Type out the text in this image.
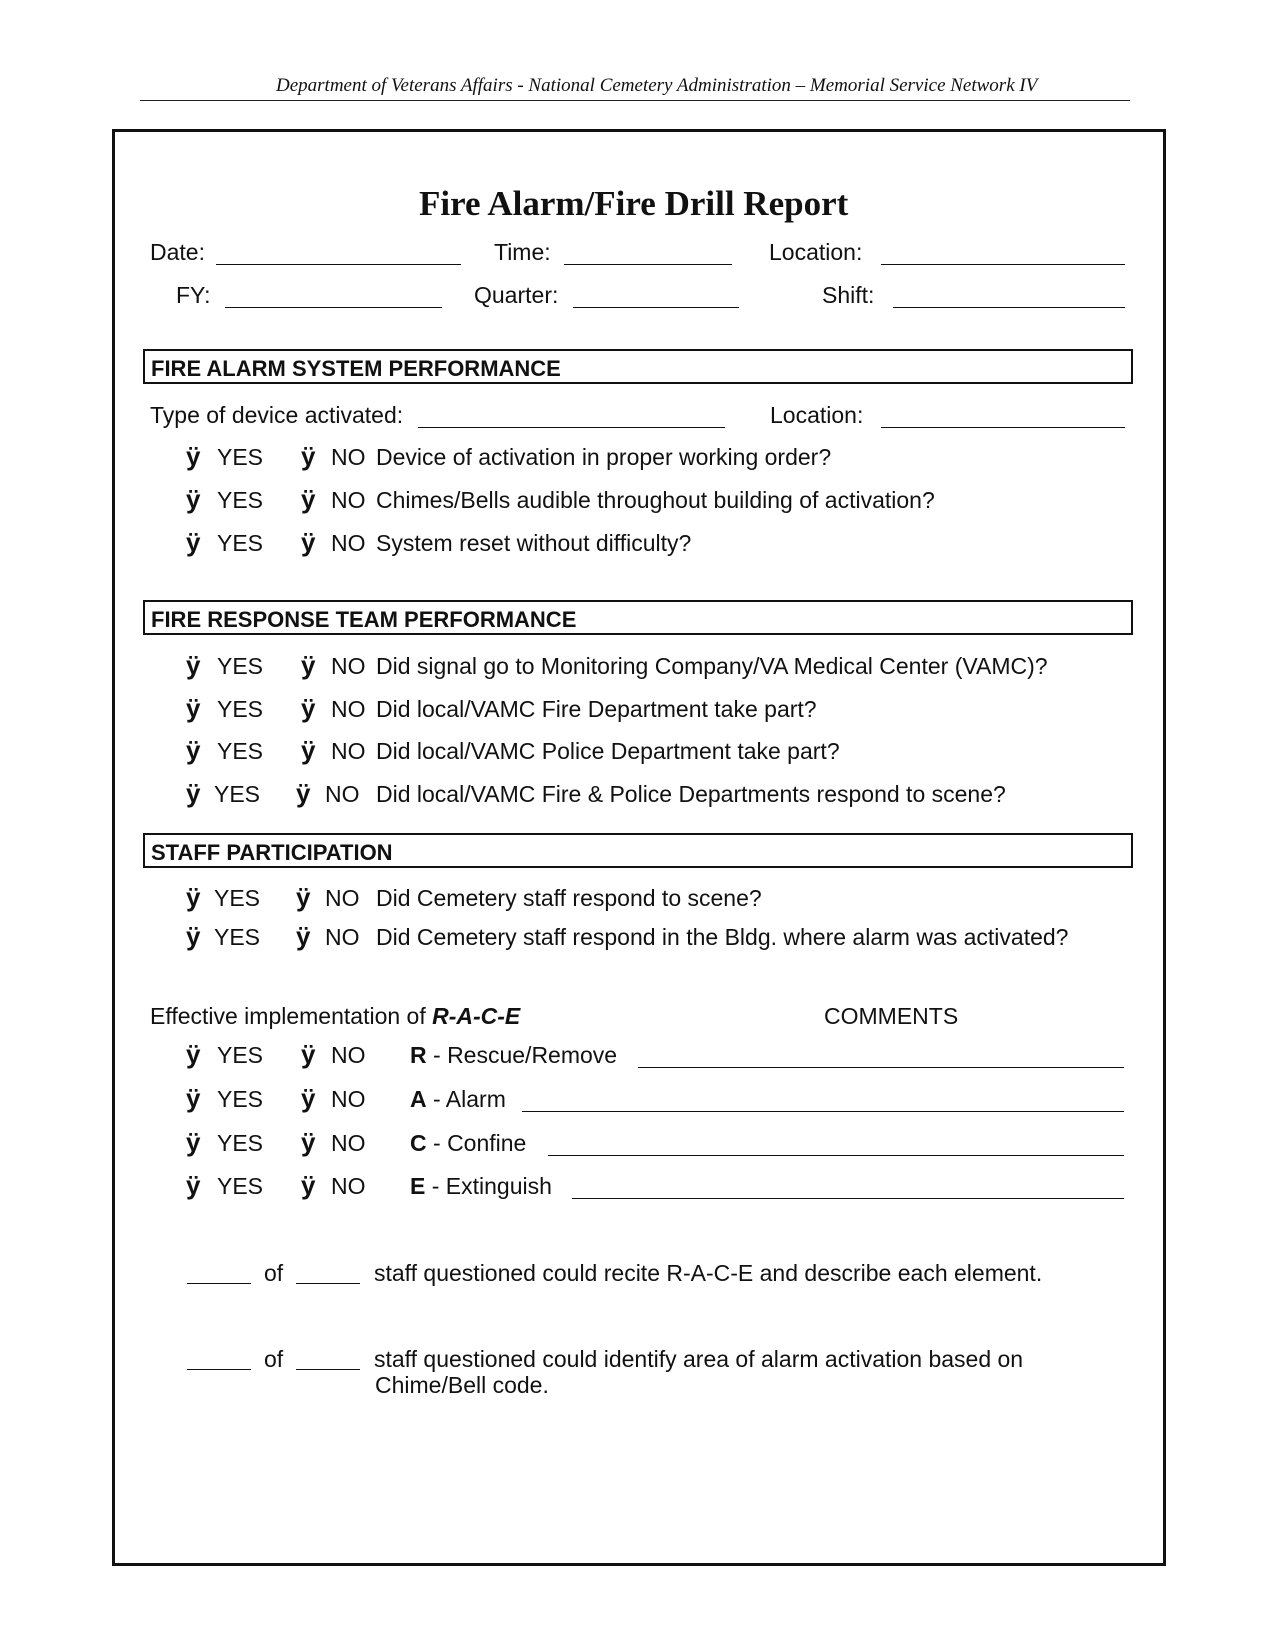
Department of Veterans Affairs - National Cemetery Administration – Memorial Service Network IV
Fire Alarm/Fire Drill Report
Date:	Time:	Location:
FY:	Quarter:	Shift:
FIRE ALARM SYSTEM PERFORMANCE
Type of device activated:	Location:
ÿ YES ÿ NO Device of activation in proper working order?
ÿ YES ÿ NO Chimes/Bells audible throughout building of activation?
ÿ YES ÿ NO System reset without difficulty?
FIRE RESPONSE TEAM PERFORMANCE
ÿ YES ÿ NO Did signal go to Monitoring Company/VA Medical Center (VAMC)?
ÿ YES ÿ NO Did local/VAMC Fire Department take part?
ÿ YES ÿ NO Did local/VAMC Police Department take part?
ÿ YES ÿ NO Did local/VAMC Fire & Police Departments respond to scene?
STAFF PARTICIPATION
ÿ YES ÿ NO Did Cemetery staff respond to scene?
ÿ YES ÿ NO Did Cemetery staff respond in the Bldg. where alarm was activated?
Effective implementation of R-A-C-E	COMMENTS
ÿ YES ÿ NO R - Rescue/Remove
ÿ YES ÿ NO A - Alarm
ÿ YES ÿ NO C - Confine
ÿ YES ÿ NO E - Extinguish
of	staff questioned could recite R-A-C-E and describe each element.
of	staff questioned could identify area of alarm activation based on
Chime/Bell code.
